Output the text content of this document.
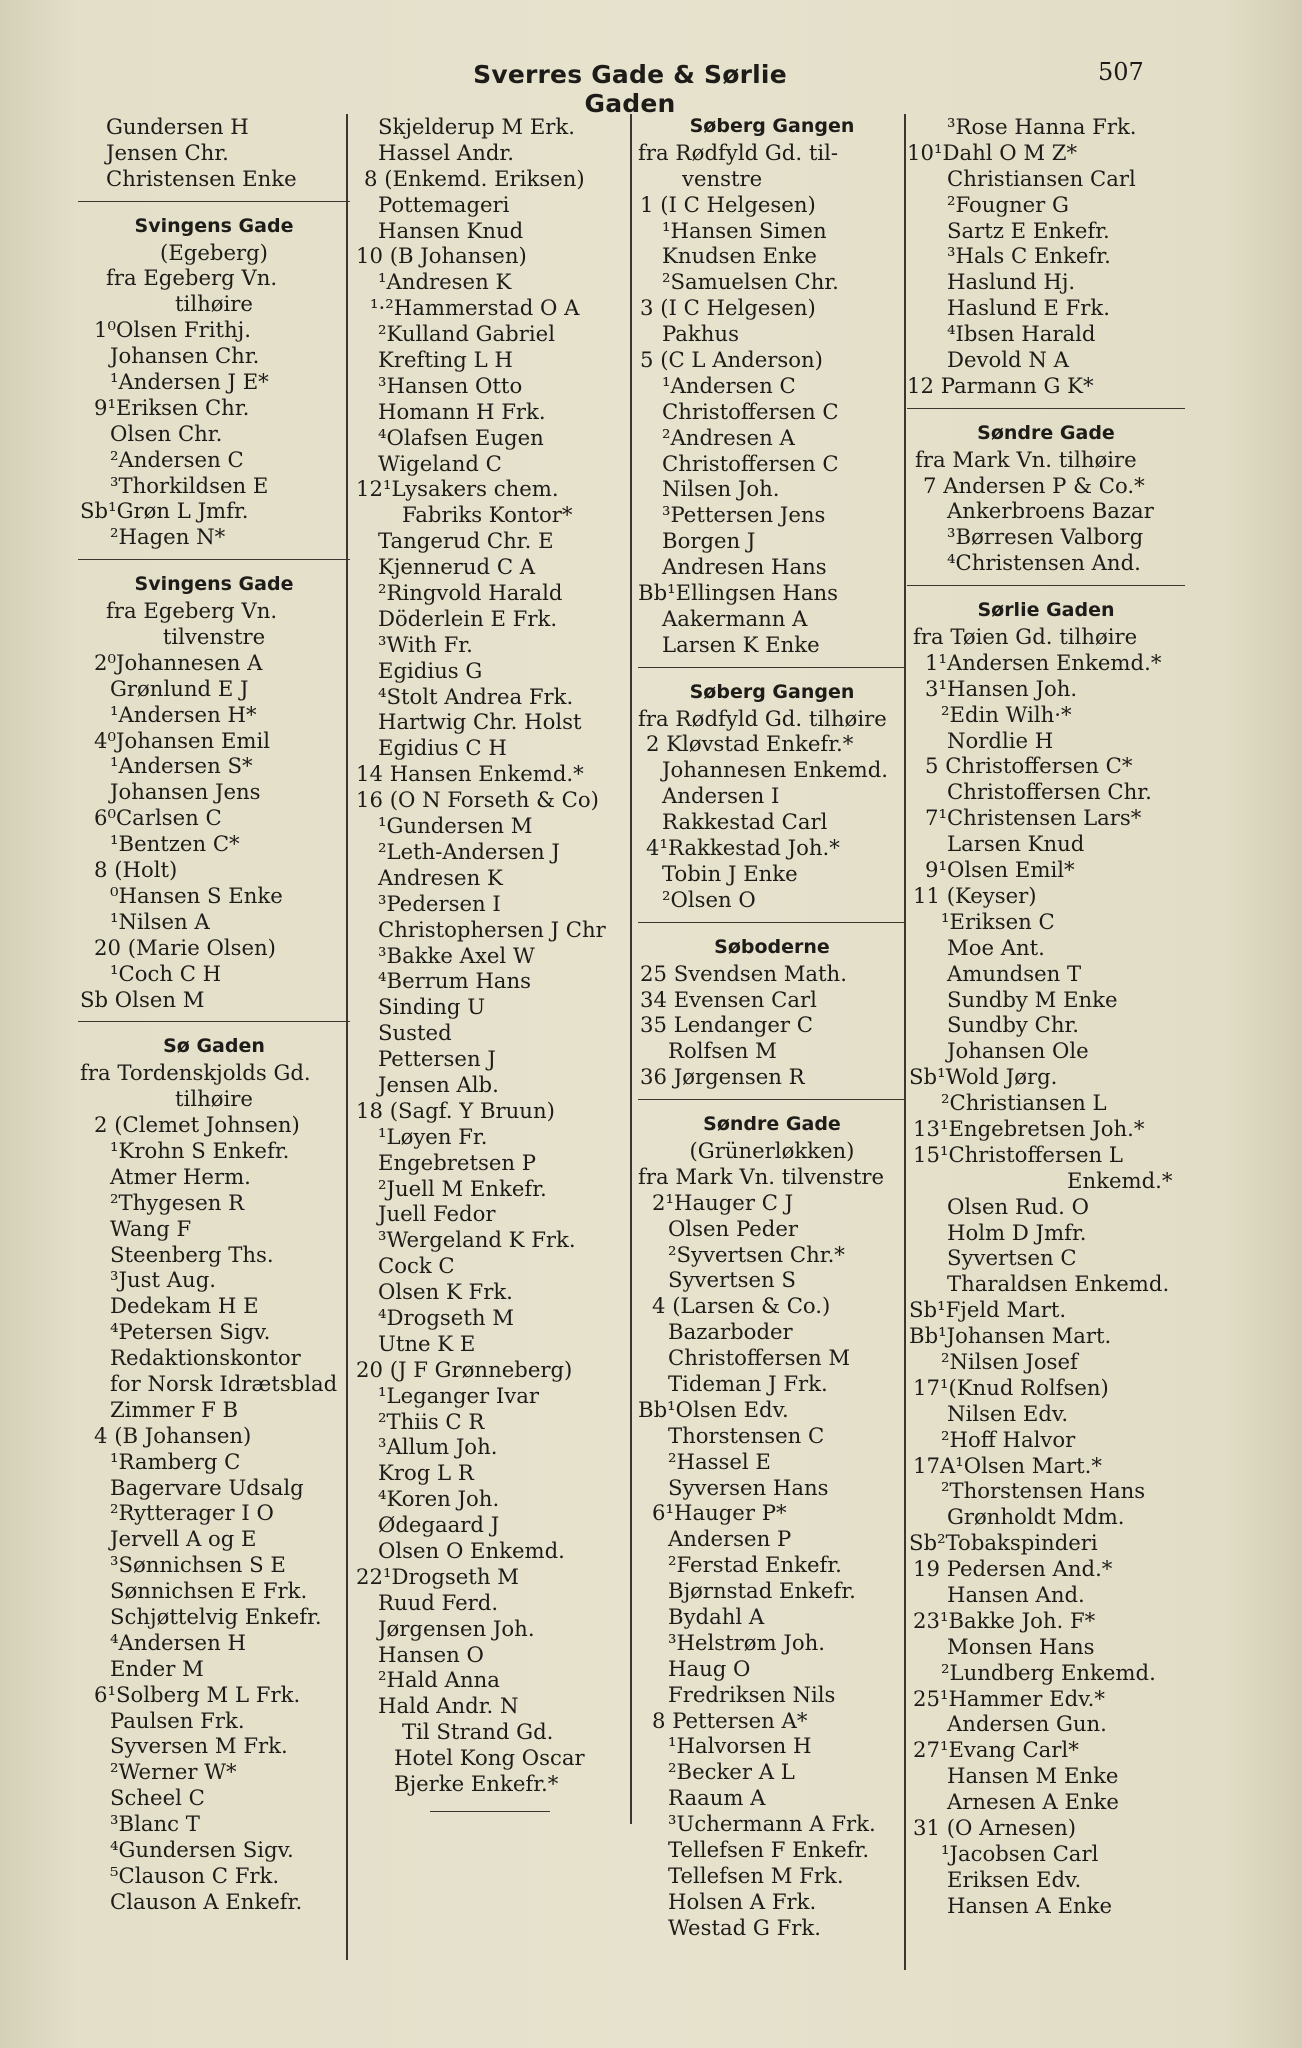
Sverres Gade & Sørlie Gaden
507
Gundersen H
Jensen Chr.
Christensen Enke
Svingens Gade
(Egeberg)
fra Egeberg Vn.
tilhøire
1⁰Olsen Frithj.
Johansen Chr.
¹Andersen J E*
9¹Eriksen Chr.
Olsen Chr.
²Andersen C
³Thorkildsen E
Sb¹Grøn L Jmfr.
²Hagen N*
Svingens Gade
fra Egeberg Vn.
tilvenstre
2⁰Johannesen A
Grønlund E J
¹Andersen H*
4⁰Johansen Emil
¹Andersen S*
Johansen Jens
6⁰Carlsen C
¹Bentzen C*
8 (Holt)
⁰Hansen S Enke
¹Nilsen A
20 (Marie Olsen)
¹Coch C H
Sb Olsen M
Sø Gaden
fra Tordenskjolds Gd.
tilhøire
2 (Clemet Johnsen)
¹Krohn S Enkefr.
Atmer Herm.
²Thygesen R
Wang F
Steenberg Ths.
³Just Aug.
Dedekam H E
⁴Petersen Sigv.
Redaktionskontor
for Norsk Idrætsblad
Zimmer F B
4 (B Johansen)
¹Ramberg C
Bagervare Udsalg
²Rytterager I O
Jervell A og E
³Sønnichsen S E
Sønnichsen E Frk.
Schjøttelvig Enkefr.
⁴Andersen H
Ender M
6¹Solberg M L Frk.
Paulsen Frk.
Syversen M Frk.
²Werner W*
Scheel C
³Blanc T
⁴Gundersen Sigv.
⁵Clauson C Frk.
Clauson A Enkefr.
Skjelderup M Erk.
Hassel Andr.
8 (Enkemd. Eriksen)
Pottemageri
Hansen Knud
10 (B Johansen)
¹Andresen K
¹·²Hammerstad O A
²Kulland Gabriel
Krefting L H
³Hansen Otto
Homann H Frk.
⁴Olafsen Eugen
Wigeland C
12¹Lysakers chem.
Fabriks Kontor*
Tangerud Chr. E
Kjennerud C A
²Ringvold Harald
Döderlein E Frk.
³With Fr.
Egidius G
⁴Stolt Andrea Frk.
Hartwig Chr. Holst
Egidius C H
14 Hansen Enkemd.*
16 (O N Forseth & Co)
¹Gundersen M
²Leth-Andersen J
Andresen K
³Pedersen I
Christophersen J Chr
³Bakke Axel W
⁴Berrum Hans
Sinding U
Susted
Pettersen J
Jensen Alb.
18 (Sagf. Y Bruun)
¹Løyen Fr.
Engebretsen P
²Juell M Enkefr.
Juell Fedor
³Wergeland K Frk.
Cock C
Olsen K Frk.
⁴Drogseth M
Utne K E
20 (J F Grønneberg)
¹Leganger Ivar
²Thiis C R
³Allum Joh.
Krog L R
⁴Koren Joh.
Ødegaard J
Olsen O Enkemd.
22¹Drogseth M
Ruud Ferd.
Jørgensen Joh.
Hansen O
²Hald Anna
Hald Andr. N
Til Strand Gd.
Hotel Kong Oscar
Bjerke Enkefr.*
Søberg Gangen
fra Rødfyld Gd. til-
venstre
1 (I C Helgesen)
¹Hansen Simen
Knudsen Enke
²Samuelsen Chr.
3 (I C Helgesen)
Pakhus
5 (C L Anderson)
¹Andersen C
Christoffersen C
²Andresen A
Christoffersen C
Nilsen Joh.
³Pettersen Jens
Borgen J
Andresen Hans
Bb¹Ellingsen Hans
Aakermann A
Larsen K Enke
Søberg Gangen
fra Rødfyld Gd. tilhøire
2 Kløvstad Enkefr.*
Johannesen Enkemd.
Andersen I
Rakkestad Carl
4¹Rakkestad Joh.*
Tobin J Enke
²Olsen O
Søboderne
25 Svendsen Math.
34 Evensen Carl
35 Lendanger C
Rolfsen M
36 Jørgensen R
Søndre Gade
(Grünerløkken)
fra Mark Vn. tilvenstre
2¹Hauger C J
Olsen Peder
²Syvertsen Chr.*
Syvertsen S
4 (Larsen & Co.)
Bazarboder
Christoffersen M
Tideman J Frk.
Bb¹Olsen Edv.
Thorstensen C
²Hassel E
Syversen Hans
6¹Hauger P*
Andersen P
²Ferstad Enkefr.
Bjørnstad Enkefr.
Bydahl A
³Helstrøm Joh.
Haug O
Fredriksen Nils
8 Pettersen A*
¹Halvorsen H
²Becker A L
Raaum A
³Uchermann A Frk.
Tellefsen F Enkefr.
Tellefsen M Frk.
Holsen A Frk.
Westad G Frk.
³Rose Hanna Frk.
10¹Dahl O M Z*
Christiansen Carl
²Fougner G
Sartz E Enkefr.
³Hals C Enkefr.
Haslund Hj.
Haslund E Frk.
⁴Ibsen Harald
Devold N A
12 Parmann G K*
Søndre Gade
fra Mark Vn. tilhøire
7 Andersen P & Co.*
Ankerbroens Bazar
³Børresen Valborg
⁴Christensen And.
Sørlie Gaden
fra Tøien Gd. tilhøire
1¹Andersen Enkemd.*
3¹Hansen Joh.
²Edin Wilh·*
Nordlie H
5 Christoffersen C*
Christoffersen Chr.
7¹Christensen Lars*
Larsen Knud
9¹Olsen Emil*
11 (Keyser)
¹Eriksen C
Moe Ant.
Amundsen T
Sundby M Enke
Sundby Chr.
Johansen Ole
Sb¹Wold Jørg.
²Christiansen L
13¹Engebretsen Joh.*
15¹Christoffersen L
Enkemd.*
Olsen Rud. O
Holm D Jmfr.
Syvertsen C
Tharaldsen Enkemd.
Sb¹Fjeld Mart.
Bb¹Johansen Mart.
²Nilsen Josef
17¹(Knud Rolfsen)
Nilsen Edv.
²Hoff Halvor
17A¹Olsen Mart.*
²Thorstensen Hans
Grønholdt Mdm.
Sb²Tobakspinderi
19 Pedersen And.*
Hansen And.
23¹Bakke Joh. F*
Monsen Hans
²Lundberg Enkemd.
25¹Hammer Edv.*
Andersen Gun.
27¹Evang Carl*
Hansen M Enke
Arnesen A Enke
31 (O Arnesen)
¹Jacobsen Carl
Eriksen Edv.
Hansen A Enke
